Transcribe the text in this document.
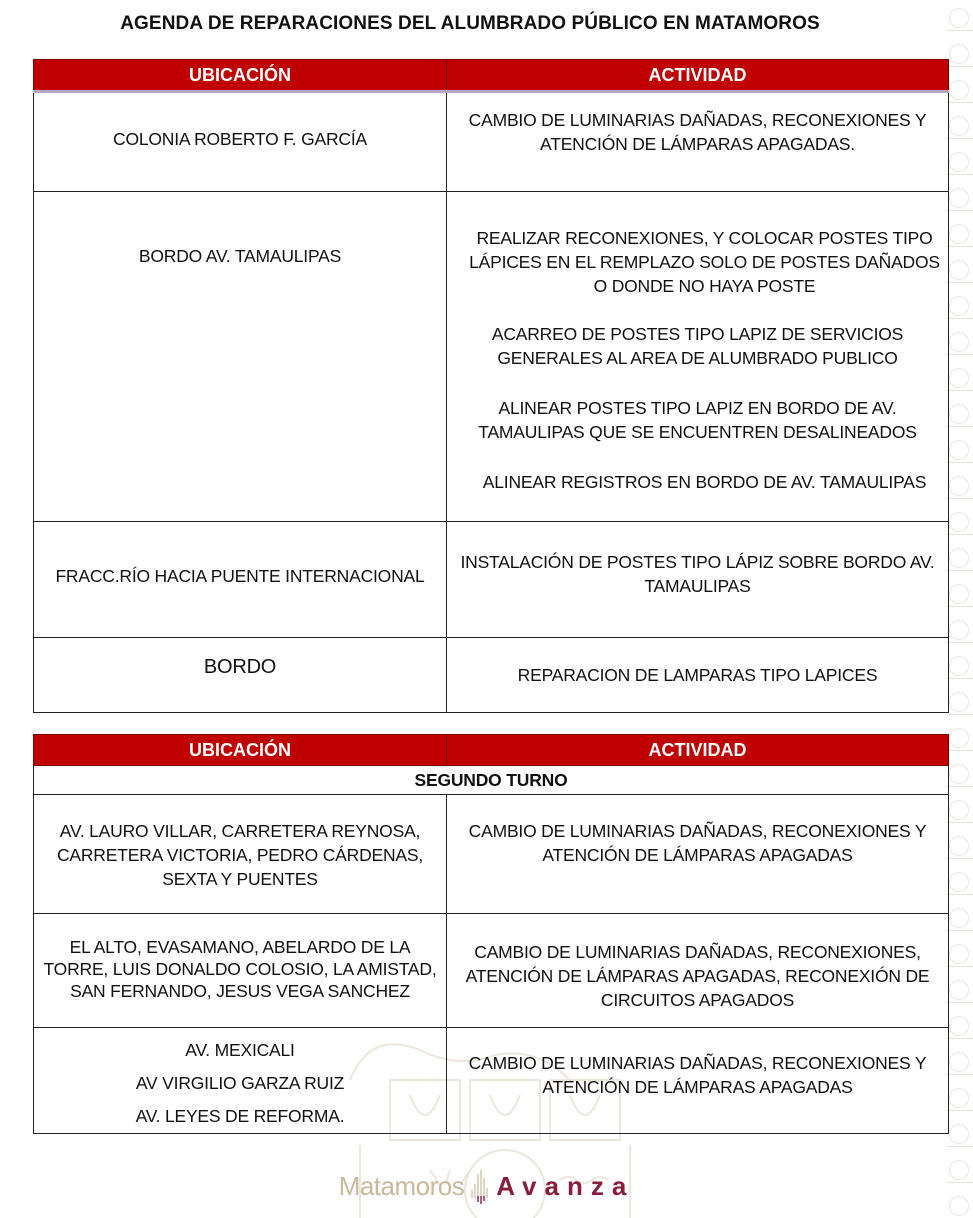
AGENDA DE REPARACIONES DEL ALUMBRADO PÚBLICO EN MATAMOROS
UBICACIÓN	ACTIVIDAD
COLONIA ROBERTO F. GARCÍA	CAMBIO DE LUMINARIAS DAÑADAS, RECONEXIONES Y ATENCIÓN DE LÁMPARAS APAGADAS.

BORDO AV. TAMAULIPAS	REALIZAR RECONEXIONES, Y COLOCAR POSTES TIPO LÁPICES EN EL REMPLAZO SOLO DE POSTES DAÑADOS O DONDE NO HAYA POSTE
ACARREO DE POSTES TIPO LAPIZ DE SERVICIOS GENERALES AL AREA DE ALUMBRADO PUBLICO
ALINEAR POSTES TIPO LAPIZ EN BORDO DE AV. TAMAULIPAS QUE SE ENCUENTREN DESALINEADOS
ALINEAR REGISTROS EN BORDO DE AV. TAMAULIPAS

FRACC.RÍO HACIA PUENTE INTERNACIONAL	INSTALACIÓN DE POSTES TIPO LÁPIZ SOBRE BORDO AV. TAMAULIPAS

BORDO	REPARACION DE LAMPARAS TIPO LAPICES
UBICACIÓN	ACTIVIDAD
SEGUNDO TURNO	
AV. LAURO VILLAR, CARRETERA REYNOSA, CARRETERA VICTORIA, PEDRO CÁRDENAS, SEXTA Y PUENTES	CAMBIO DE LUMINARIAS DAÑADAS, RECONEXIONES Y ATENCIÓN DE LÁMPARAS APAGADAS
EL ALTO, EVASAMANO, ABELARDO DE LA TORRE, LUIS DONALDO COLOSIO, LA AMISTAD, SAN FERNANDO, JESUS VEGA SANCHEZ	CAMBIO DE LUMINARIAS DAÑADAS, RECONEXIONES, ATENCIÓN DE LÁMPARAS APAGADAS, RECONEXIÓN DE CIRCUITOS APAGADOS

AV. MEXICALI
AV VIRGILIO GARZA RUIZ
AV. LEYES DE REFORMA.	CAMBIO DE LUMINARIAS DAÑADAS, RECONEXIONES Y ATENCIÓN DE LÁMPARAS APAGADAS
Matamoros Avanza
